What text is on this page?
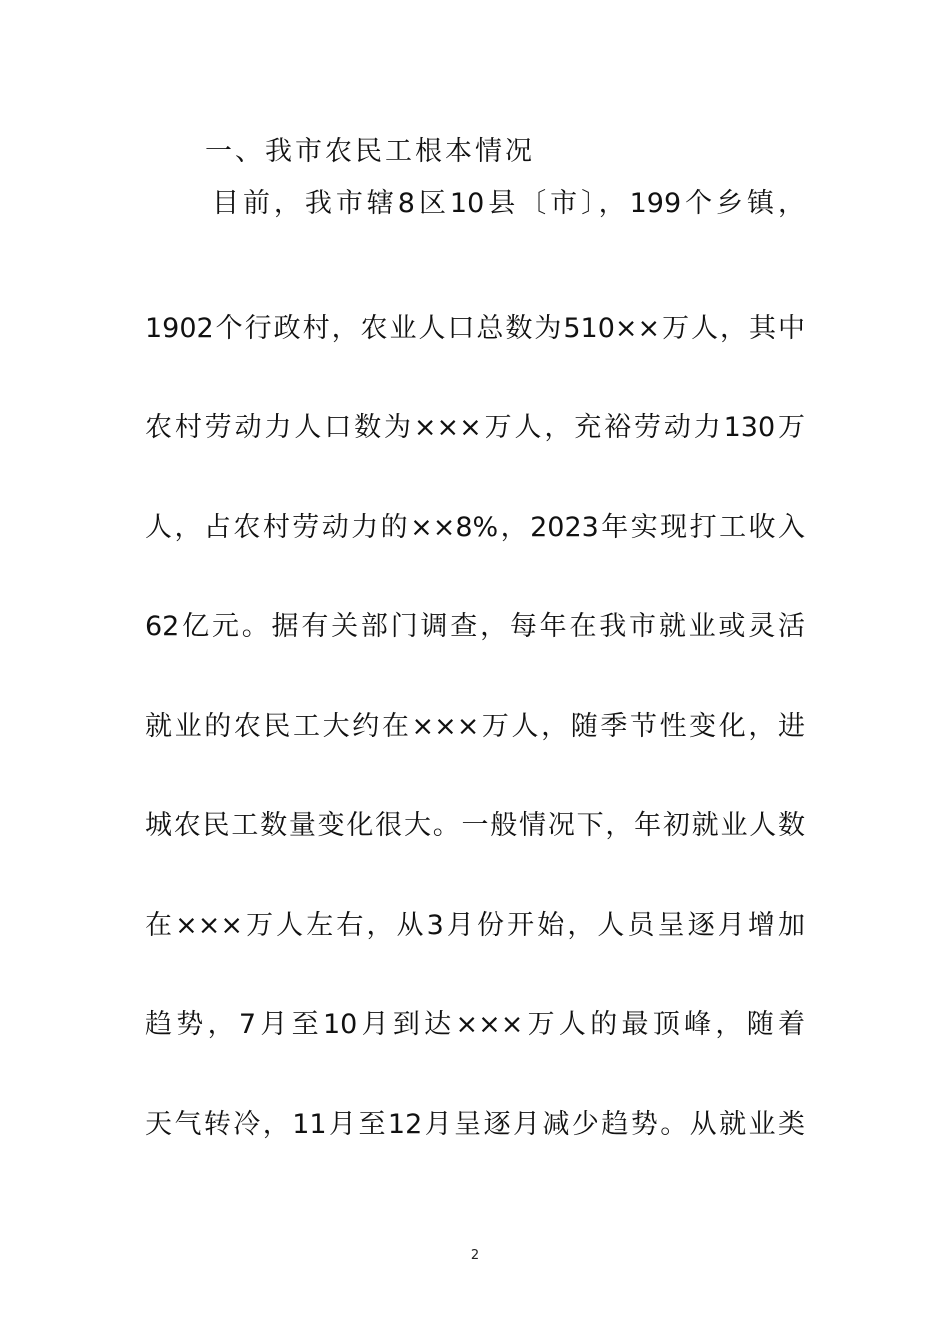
一、我市农民工根本情况
目前，我市辖8区10县〔市〕，199个乡镇，
1902个行政村，农业人口总数为510××万人，其中
农村劳动力人口数为×××万人，充裕劳动力130万
人，占农村劳动力的××8%，2023年实现打工收入
62亿元。据有关部门调查，每年在我市就业或灵活
就业的农民工大约在×××万人，随季节性变化，进
城农民工数量变化很大。一般情况下，年初就业人数
在×××万人左右，从3月份开始，人员呈逐月增加
趋势，7月至10月到达×××万人的最顶峰，随着
天气转冷，11月至12月呈逐月减少趋势。从就业类
2
